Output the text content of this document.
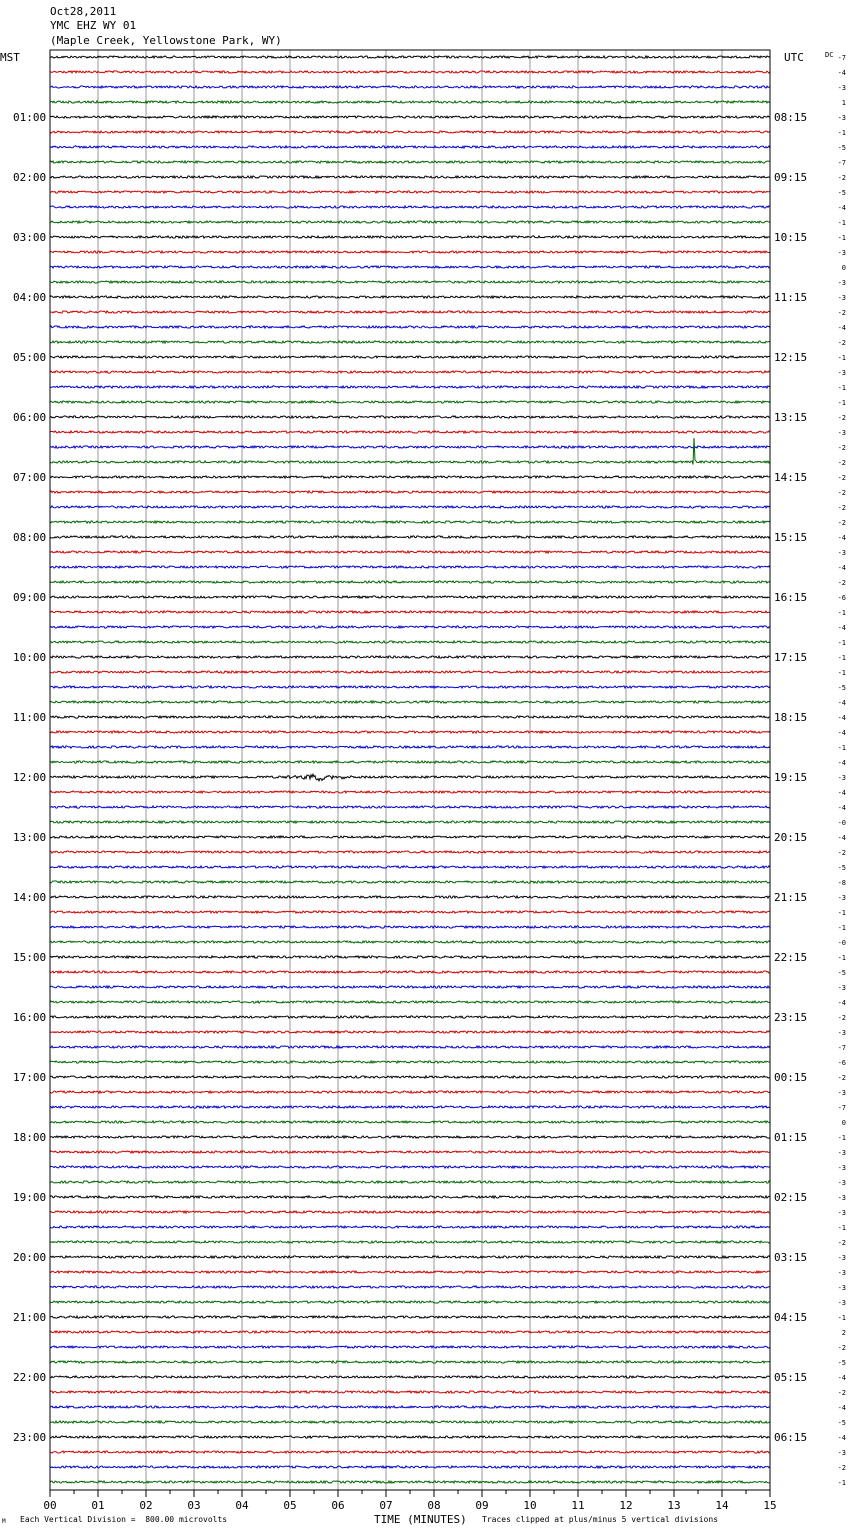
Oct28,2011
YMC EHZ WY 01
(Maple Creek, Yellowstone Park, WY)
MST	UTC	DC
01:00
02:00
03:00
04:00
05:00
06:00
07:00
08:00
09:00
10:00
11:00
12:00
13:00
14:00
15:00
16:00
17:00
18:00
19:00
20:00
21:00
22:00
23:00
08:15
09:15
10:15
11:15
12:15
13:15
14:15
15:15
16:15
17:15
18:15
19:15
20:15
21:15
22:15
23:15
00:15
01:15
02:15
03:15
04:15
05:15
06:15
-7
-4
-3
1
-3
-1
-5
-7
-2
-5
-4
-1
-1
-3
0
-3
-3
-2
-4
-2
-1
-3
-1
-1
-2
-3
-2
-2
-2
-2
-2
-2
-4
-3
-4
-2
-6
-1
-4
-1
-1
-1
-5
-4
-4
-4
-1
-4
-3
-4
-4
-0
-4
-2
-5
-8
-3
-1
-1
-0
-1
-5
-3
-4
-2
-3
-7
-6
-2
-3
-7
0
-1
-3
-3
-3
-3
-3
-1
-2
-3
-3
-3
-3
-1
2
-2
-5
-4
-2
-4
-5
-4
-3
-2
-1
00	01	02	03	04	05	06	07	08	09	10	11	12	13	14	15
TIME (MINUTES)
M Each Vertical Division =  800.00 microvolts	Traces clipped at plus/minus 5 vertical divisions
